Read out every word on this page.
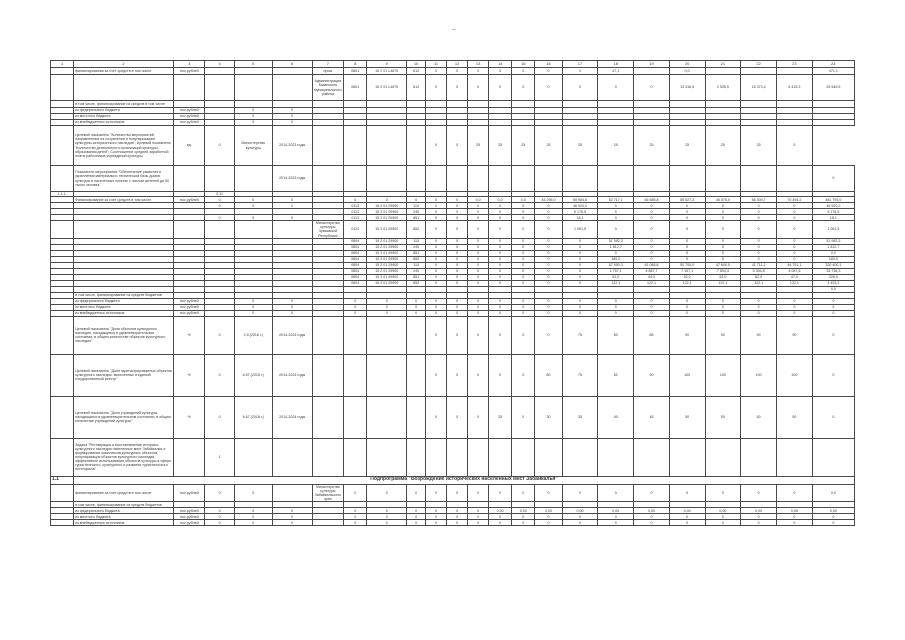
–
1	2	3	4	5	6	7	8	9	10	11	12	13	14	15	16	17	18	19	20	21	22	23	24
	финансирования за счет средств в том числе	тыс.рублей				прош	0801	15 2 01 L4670	612	0	0	0	0	0	0	0	47,1		0,0				471,1
						Администрация Казанского муниципального района	0801	15 2 01 L4670	612	0	0	0	0	0	0	0	0	0	13 416,5	2 535,5	16 373,4	6 415,3	26 545,5
	в том числе, финансирование из средств в том числе																						
	из федерального бюджета	тыс.рублей		0	0																		
	из местного бюджета	тыс.рублей		0	0																		
	из внебюджетных источников	тыс.рублей		0	0																		
	Целевой показатель "Количество мероприятий, направленных на сохранение и популяризацию культурно-исторического наследия"; Целевой показатель "Количество деятельности организаций культуры, образования детей"; Соотношение средней заработной платы работников учреждений культуры	ед.	0	Министерство культуры	2014-2023 годы					0	0	25	25	25	25	25	25	25	25	25	25	0	
	Показатель мероприятия "Обеспечение развития и укрепления материально-технической базы домов культуры в населенных пунктах с числом жителей до 50 тысяч человек"				2014-2023 годы																		0
1.1.1.			0.11																				
	Финансирование за счет средств в том числе	тыс.рублей	0	0	0		0	0	0	0	0	0,0	0,0	0,0	45 296,0	55 984,8	62 717,1	66 685,8	56 527,3	46 575,0	56 300,7	70 494,2	481 793,0
			0	0	0		0113	15 2 01 29900	110	0	0	0	0	0	0	46 920,0	0	0	0	0	0	0	46 920,0
							0113	15 2 01 29900	240	0	0	0	0	0	0	6 176,5	0	0	0	0	0	0	6 176,5
			0	0	0		0113	15 2 01 29900	851	0	0	0	0	0	0	18,1	0	0	0	0	0	0	18,1
						Министерство культуры Чувашской Республики	0113	15 2 01 29900	852	0	0	0	0	0	0	1 061,5	0	0	0	0	0	0	1 061,5
							0804	15 2 01 29900	110	0	0	0	0	0	0	0	51 982,3	0	0	0	0	0	51 982,3
							0804	15 2 01 29900	240	0	0	0	0	0	0	0	1 812,7	0	0	0	0	0	1 812,7
							0804	15 2 01 29900	851	0	0	0	0	0	0	0	0	0	0	0	0	0	0,0
							0804	15 2 01 29900	852	0	0	0	0	0	0	0	180,0	0	0	0	0	0	180,0
							0804	15 2 01 29900	110	0	0	0	0	0	0	0	57 950,3	61 085,8	50 700,0	47 600,0	41 711,1	44 751,1	320 400,1
							0804	15 2 01 29900	240	0	0	0	0	0	0	0	1 757,1	4 867,7	7 157,1	7 694,4	5 394,8	4 087,5	35 736,3
							0804	15 2 01 29900	851	0	0	0	0	0	0	0	51,0	44,0	52,0	52,0	62,0	47,0	326,0
							0804	15 2 01 29900	852	0	0	0	0	0	0	0	122,1	122,1	122,1	122,1	122,1	122,1	3 403,2
																							0,0
	в том числе, финансирование из средств бюджетов																						
	из федерального бюджета	тыс.рублей		0	0		0	0	0	0	0	0	0	0	0	0	0	0	0	0	0	0	0
	из местного бюджета	тыс.рублей		0	0		0	0	0	0	0	0	0	0	0	0	0	0	0	0	0	0	0
	из внебюджетных источников	тыс.рублей		0	0		0	0	0	0	0	0	0	0	0	0	0	0	0	0	0	0	0
	Целевой показатель "Доля объектов культурного наследия, находящихся в удовлетворительном состоянии, в общем количестве объектов культурного наследия"	%	0	2,5 (2018 г.)	2014-2024 годы					0	0	0	0	0	0	75	80	85	90	90	90	90	0
	Целевой показатель "Доля зарегистрированных объектов культурного наследия, включенных в единый государственный реестр"	%	0	6,67 (2018 г.)	2014-2024 годы					0	0	0	0	0	80	75	82	90	100	100	100	100	0
	Целевой показатель "Доля учреждений культуры, находящихся в удовлетворительном состоянии, в общем количестве учреждений культуры"	%	0	6,67 (2018 г.)	2014-2024 годы					0	0	0	25	0	30	35	40	45	50	50	50	50	0
	Задача "Реставрация и восстановление историко-культурного наследия населенных мест Забайкалья и формирование комплексов культурных объектов, популяризация объектов культурного наследия, эффективное использование объектов культуры в сфере туристического, культурного и развития туристического потенциала"		1																				
1.1	Подпрограмма "Возрождение исторических населенных мест Забайкалья"																						
	финансирование за счет средств в том числе	тыс.рублей	0	0		Министерство культуры Забайкальского края	0	0	0	0	0	0	0	0	0	0	0	0	0	0	0	0	0,0
	в том числе, финансирование из средств бюджетов																						
	из федерального бюджета	тыс.рублей	0	0	0		0	0	0	0	0	0	0,00	0,00	0,00	0,00	0,00	0,00	0,00	0,00	0,00	0,00	0,00
	из местного бюджета	тыс.рублей	0	0	0		0	0	0	0	0	0	0	0	0	0	0	0	0	0	0	0	0
	из внебюджетных источников	тыс.рублей	0	0	0		0	0	0	0	0	0	0	0	0	0	0	0	0	0	0	0	0
